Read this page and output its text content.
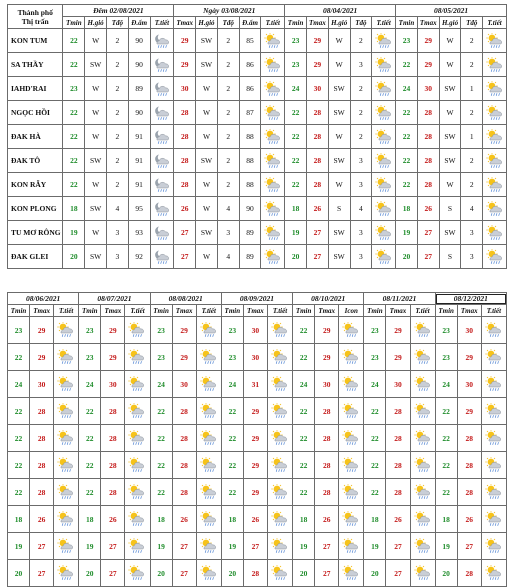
Thành phố
Thị trấn	Đêm 02/08/2021					Ngày 03/08/2021					08/04/2021					08/05/2021				
	Tmin	H.gió	Tđộ	Đ.ẩm	T.tiết	Tmax	H.gió	Tđộ	Đ.ẩm	T.tiết	Tmin	Tmax	H.gió	Tđộ	T.tiết	Tmin	Tmax	H.gió	Tđộ	T.tiết
KON TUM	22	W	2	90		29	SW	2	85		23	29	W	2		23	29	W	2	

SA THẦY	22	SW	2	90		29	SW	2	86		23	29	W	3		22	29	W	2	

IAHD'RAI	23	W	2	89		30	W	2	86		24	30	SW	2		24	30	SW	1	

NGỌC HỒI	22	W	2	90		28	W	2	87		22	28	SW	2		22	28	W	2	

ĐAK HÀ	22	W	2	91		28	W	2	88		22	28	W	2		22	28	SW	1	

ĐAK TÔ	22	SW	2	91		28	SW	2	88		22	28	SW	3		22	28	SW	2	

KON RẪY	22	W	2	91		28	W	2	88		22	28	W	3		22	28	W	2	

KON PLONG	18	SW	4	95		26	W	4	90		18	26	S	4		18	26	S	4	

TU MƠ RÔNG	19	W	3	93		27	SW	3	89		19	27	SW	3		19	27	SW	3	

ĐAK GLEI	20	SW	3	92		27	W	4	89		20	27	SW	3		20	27	S	3	
08/06/2021			08/07/2021			08/08/2021			08/09/2021			08/10/2021			08/11/2021			08/12/2021		
Tmin	Tmax	T.tiết	Tmin	Tmax	T.tiết	Tmin	Tmax	T.tiết	Tmin	Tmax	T.tiết	Tmin	Tmax	Icon	Tmin	Tmax	T.tiết	Tmin	Tmax	T.tiết
23	29		23	29		23	29		23	30		22	29		23	29		23	30	

22	29		23	29		23	29		23	30		22	29		23	29		23	29	

24	30		24	30		24	30		24	31		24	30		24	30		24	30	

22	28		22	28		22	28		22	29		22	28		22	28		22	29	

22	28		22	28		22	28		22	29		22	28		22	28		22	28	

22	28		22	28		22	28		22	29		22	28		22	28		22	28	

22	28		22	28		22	28		22	29		22	28		22	28		22	28	

18	26		18	26		18	26		18	26		18	26		18	26		18	26	

19	27		19	27		19	27		19	27		19	27		19	27		19	27	

20	27		20	27		20	27		20	28		20	27		20	27		20	28	
